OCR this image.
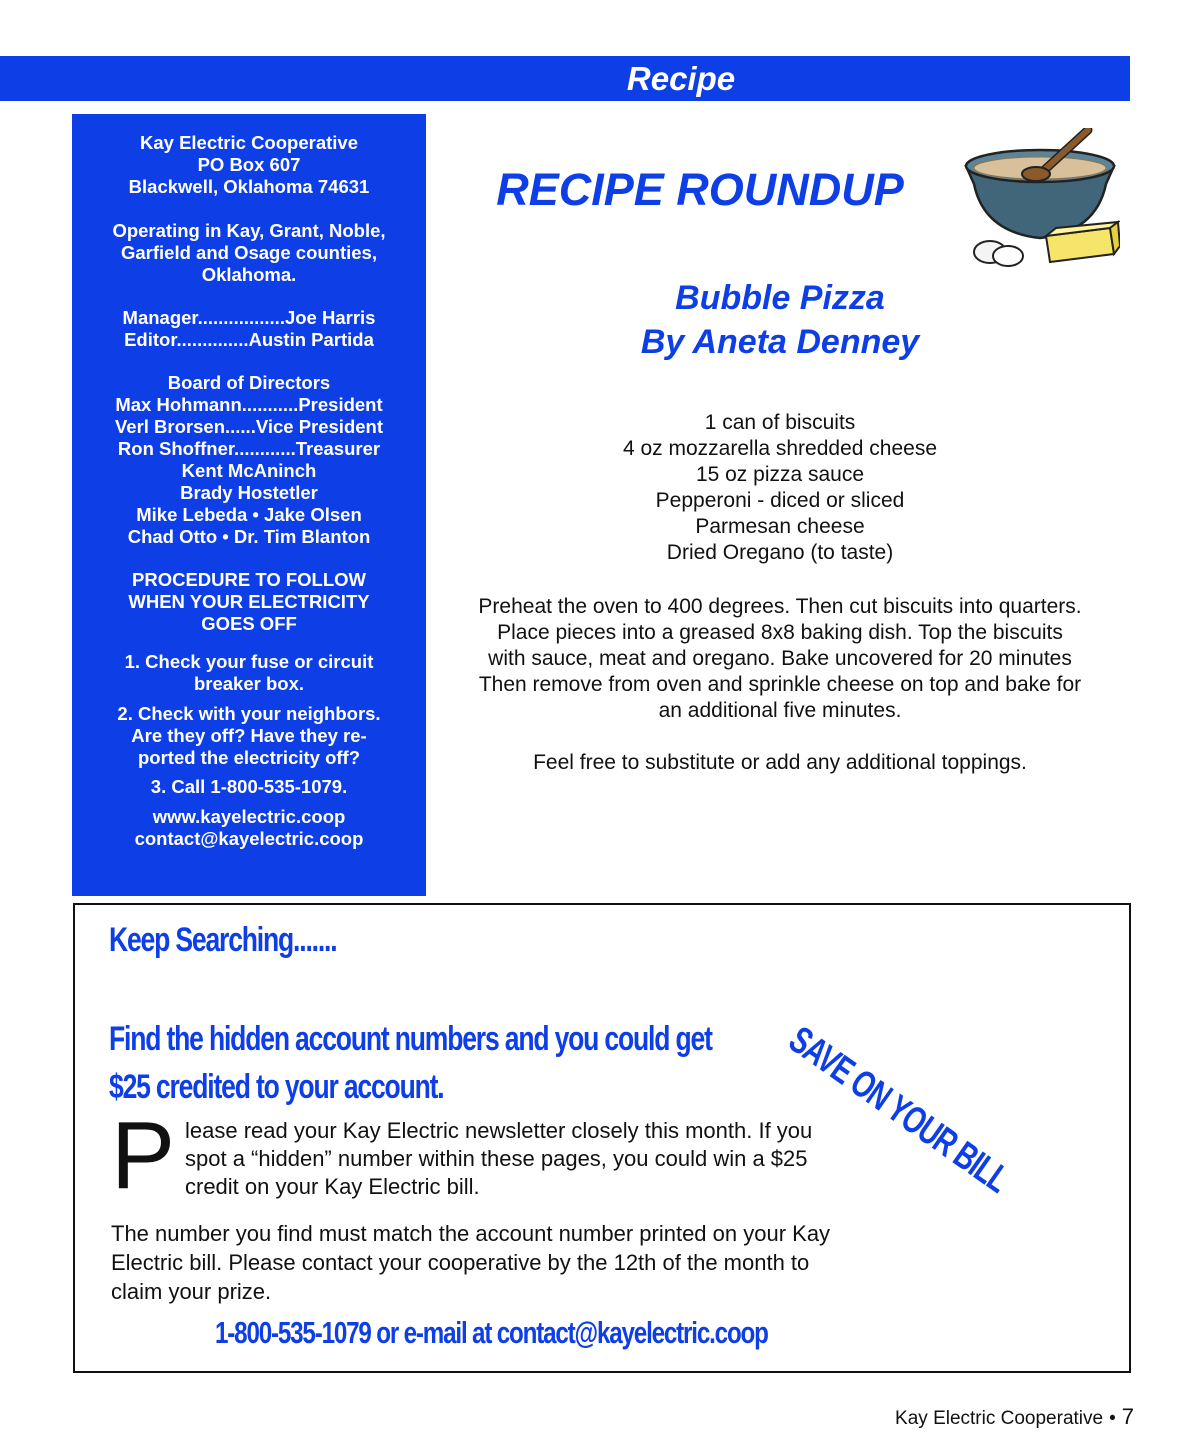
Recipe
Kay Electric Cooperative
PO Box 607
Blackwell, Oklahoma 74631
Operating in Kay, Grant, Noble,
Garfield and Osage counties,
Oklahoma.
Manager.................Joe Harris
Editor..............Austin Partida
Board of Directors
Max Hohmann...........President
Verl Brorsen......Vice President
Ron Shoffner............Treasurer
Kent McAninch
Brady Hostetler
Mike Lebeda • Jake Olsen
Chad Otto • Dr. Tim Blanton
PROCEDURE TO FOLLOW
WHEN YOUR ELECTRICITY
GOES OFF
1. Check your fuse or circuit
breaker box.
2. Check with your neighbors.
Are they off? Have they re-
ported the electricity off?
3. Call 1-800-535-1079.
www.kayelectric.coop
contact@kayelectric.coop
RECIPE ROUNDUP
Bubble Pizza
By Aneta Denney
1 can of biscuits
4 oz mozzarella shredded cheese
15 oz pizza sauce
Pepperoni - diced or sliced
Parmesan cheese
Dried Oregano (to taste)
Preheat the oven to 400 degrees. Then cut biscuits into quarters.
Place pieces into a greased 8x8 baking dish. Top the biscuits
with sauce, meat and oregano. Bake uncovered for 20 minutes
Then remove from oven and sprinkle cheese on top and bake for
an additional five minutes.
Feel free to substitute or add any additional toppings.
Keep Searching.......
Find the hidden account numbers and you could get
$25 credited to your account.	SAVE ON YOUR BILL
P lease read your Kay Electric newsletter closely this month. If you
spot a “hidden” number within these pages, you could win a $25
credit on your Kay Electric bill.
The number you find must match the account number printed on your Kay
Electric bill. Please contact your cooperative by the 12th of the month to
claim your prize.
1-800-535-1079 or e-mail at contact@kayelectric.coop
Kay Electric Cooperative • 7
